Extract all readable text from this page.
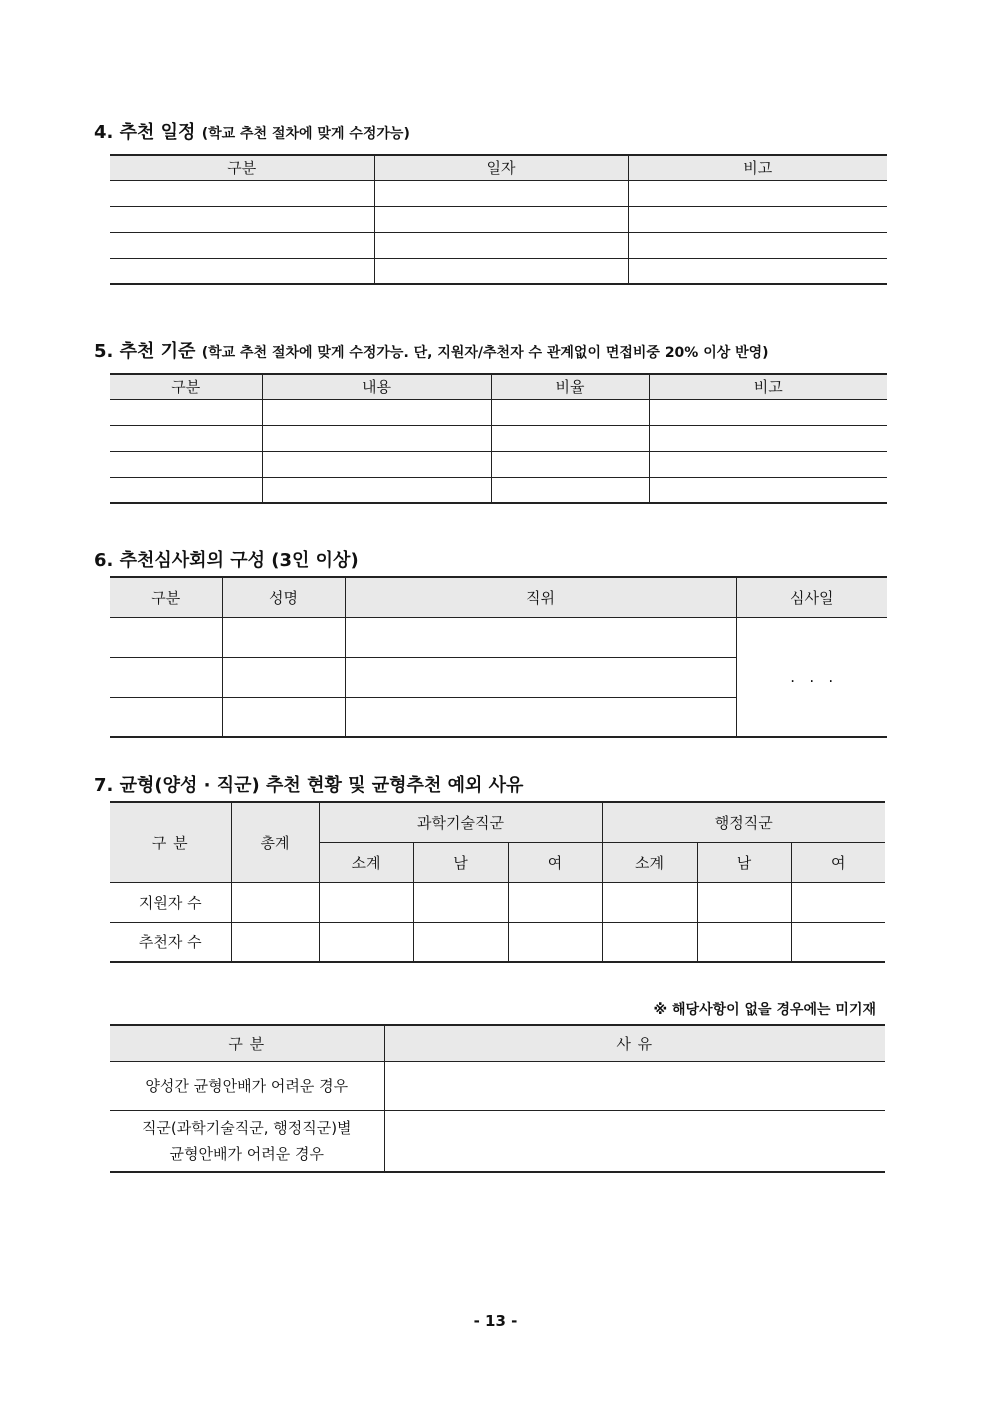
4. 추천 일정 (학교 추천 절차에 맞게 수정가능)
구분	일자	비고

5. 추천 기준 (학교 추천 절차에 맞게 수정가능. 단, 지원자/추천자 수 관계없이 면접비중 20% 이상 반영)
구분	내용	비율	비고

6. 추천심사회의 구성 (3인 이상)
구분	성명	직위	심사일
			.   .   .

7. 균형(양성 · 직군) 추천 현황 및 균형추천 예외 사유
구 분	총계	과학기술직군			행정직군		
		소계	남	여	소계	남	여
지원자 수							
추천자 수							
※ 해당사항이 없을 경우에는 미기재
구 분	사 유
양성간 균형안배가 어려운 경우	

직군(과학기술직군, 행정직군)별
균형안배가 어려운 경우	

- 13 -
